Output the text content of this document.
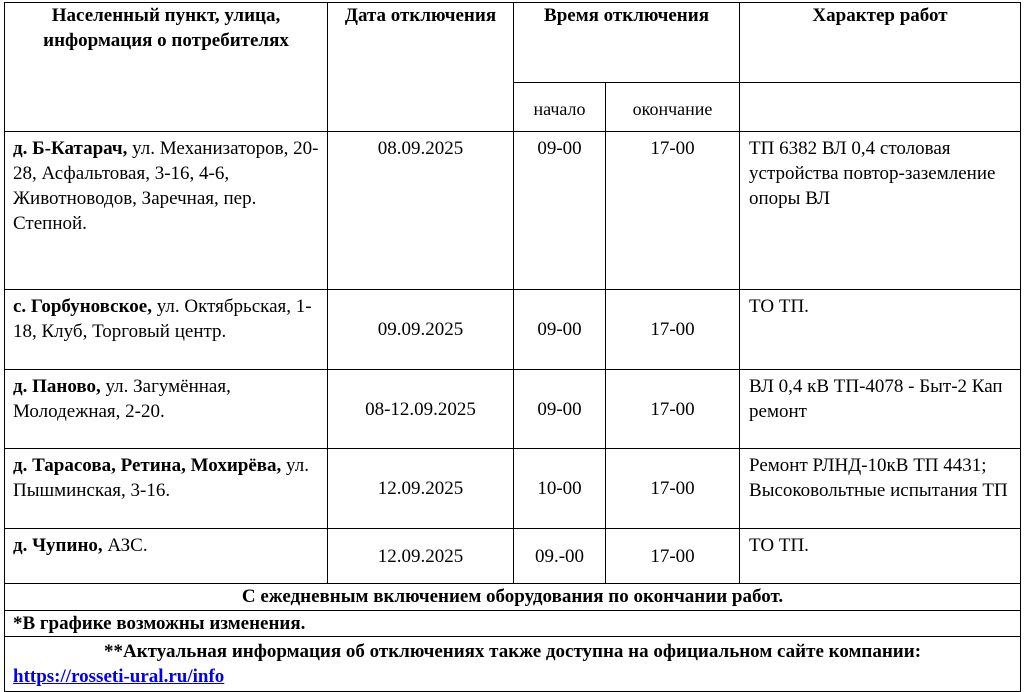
Населенный пункт, улица, информация о потребителях	Дата отключения	Время отключения		Характер работ
		начало	окончание	
д. Б-Катарач, ул. Механизаторов, 20-28, Асфальтовая, 3-16, 4-6, Животноводов, Заречная, пер. Степной.	08.09.2025	09-00	17-00	ТП 6382 ВЛ 0,4 столовая устройства повтор-заземление опоры ВЛ
с. Горбуновское, ул. Октябрьская, 1-18, Клуб, Торговый центр.	09.09.2025	09-00	17-00	ТО ТП.
д. Паново, ул. Загумённая, Молодежная, 2-20.	08-12.09.2025	09-00	17-00	ВЛ 0,4 кВ ТП-4078 - Быт-2 Кап ремонт
д. Тарасова, Ретина, Мохирёва, ул. Пышминская, 3-16.	12.09.2025	10-00	17-00	Ремонт РЛНД-10кВ ТП 4431; Высоковольтные испытания ТП
д. Чупино, АЗС.	12.09.2025	09.-00	17-00	ТО ТП.
С ежедневным включением оборудования по окончании работ.				
*В графике возможны изменения.				

**Актуальная информация об отключениях также доступна на официальном сайте компании:
https://rosseti-ural.ru/info				
